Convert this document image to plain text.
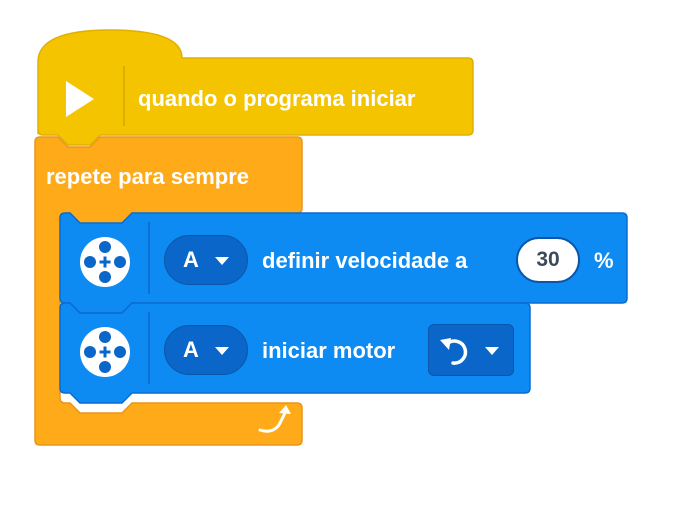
quando o programa iniciar
repete para sempre
A	definir velocidade a	30	%
A	iniciar motor
